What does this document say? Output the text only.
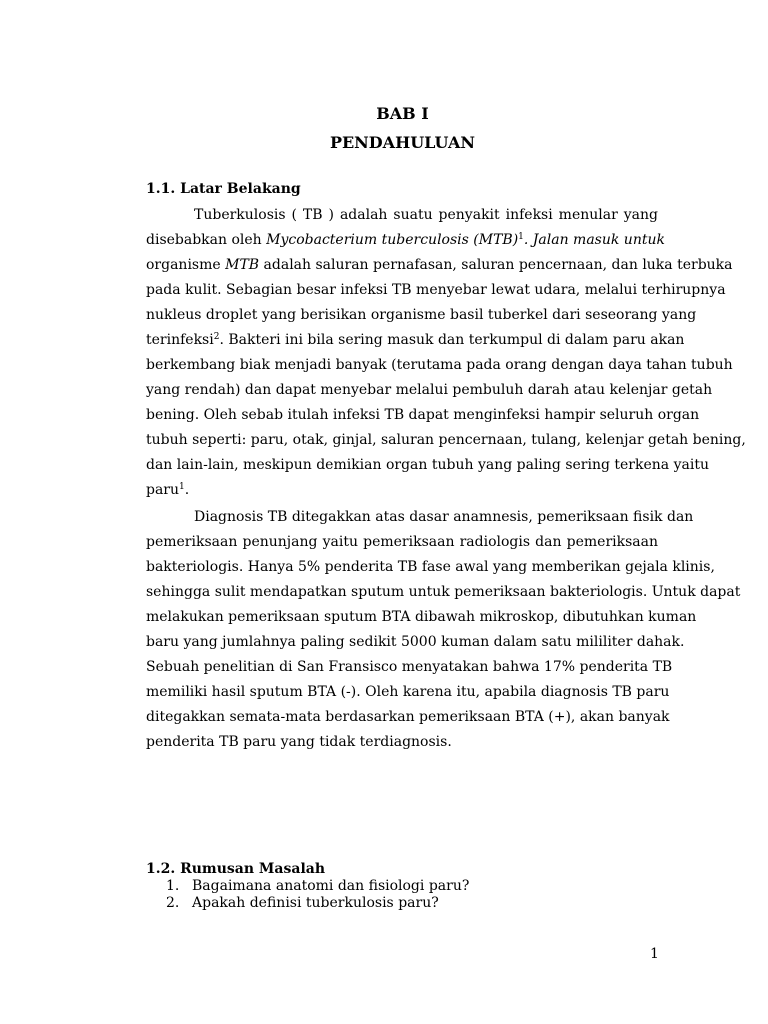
BAB I
PENDAHULUAN
1.1. Latar Belakang
Tuberkulosis ( TB ) adalah suatu penyakit infeksi menular yang
disebabkan oleh Mycobacterium tuberculosis (MTB)$^1$. Jalan masuk untuk
organisme MTB adalah saluran pernafasan, saluran pencernaan, dan luka terbuka
pada kulit. Sebagian besar infeksi TB menyebar lewat udara, melalui terhirupnya
nukleus droplet yang berisikan organisme basil tuberkel dari seseorang yang
terinfeksi$^2$. Bakteri ini bila sering masuk dan terkumpul di dalam paru akan
berkembang biak menjadi banyak (terutama pada orang dengan daya tahan tubuh
yang rendah) dan dapat menyebar melalui pembuluh darah atau kelenjar getah
bening. Oleh sebab itulah infeksi TB dapat menginfeksi hampir seluruh organ
tubuh seperti: paru, otak, ginjal, saluran pencernaan, tulang, kelenjar getah bening,
dan lain-lain, meskipun demikian organ tubuh yang paling sering terkena yaitu
paru$^1$.
Diagnosis TB ditegakkan atas dasar anamnesis, pemeriksaan fisik dan
pemeriksaan penunjang yaitu pemeriksaan radiologis dan pemeriksaan
bakteriologis. Hanya 5% penderita TB fase awal yang memberikan gejala klinis,
sehingga sulit mendapatkan sputum untuk pemeriksaan bakteriologis. Untuk dapat
melakukan pemeriksaan sputum BTA dibawah mikroskop, dibutuhkan kuman
baru yang jumlahnya paling sedikit 5000 kuman dalam satu mililiter dahak.
Sebuah penelitian di San Fransisco menyatakan bahwa 17% penderita TB
memiliki hasil sputum BTA (-). Oleh karena itu, apabila diagnosis TB paru
ditegakkan semata-mata berdasarkan pemeriksaan BTA (+), akan banyak
penderita TB paru yang tidak terdiagnosis.
1.2. Rumusan Masalah
1. Bagaimana anatomi dan fisiologi paru?
2. Apakah definisi tuberkulosis paru?
1
